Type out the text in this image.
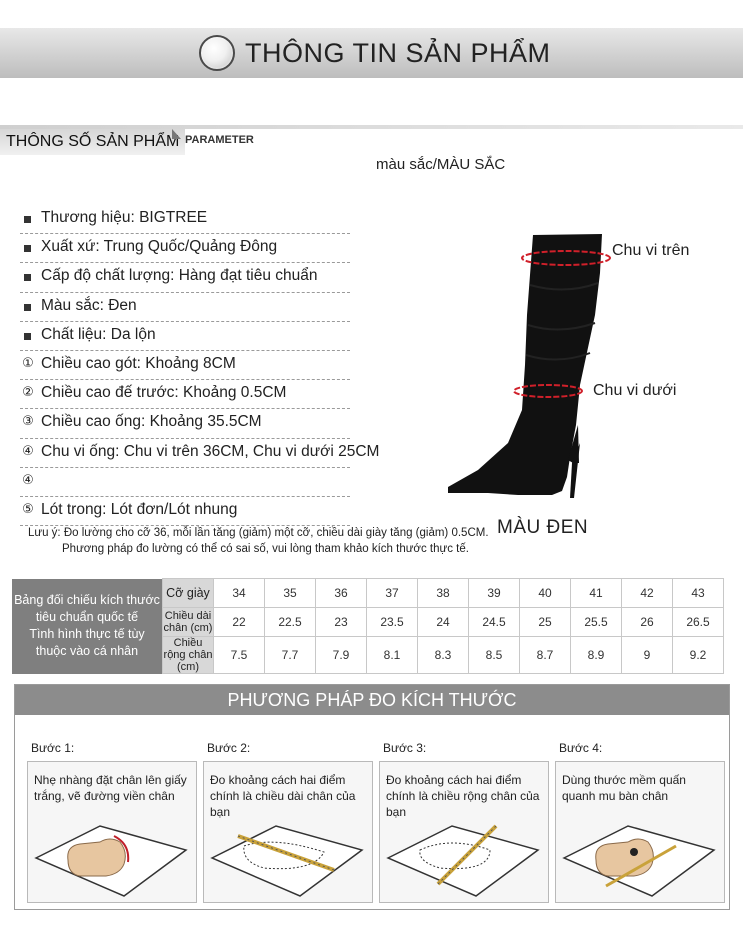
THÔNG TIN SẢN PHẨM
THÔNG SỐ SẢN PHẨM PARAMETER
màu sắc/MÀU SẮC
Thương hiệu: BIGTREE
Xuất xứ: Trung Quốc/Quảng Đông
Cấp độ chất lượng: Hàng đạt tiêu chuẩn
Màu sắc: Đen
Chất liệu: Da lộn
① Chiều cao gót: Khoảng 8CM
② Chiều cao đế trước: Khoảng 0.5CM
③ Chiều cao ống: Khoảng 35.5CM
④ Chu vi ống: Chu vi trên 36CM, Chu vi dưới 25CM
④
⑤ Lót trong: Lót đơn/Lót nhung
Chu vi trên
Chu vi dưới
MÀU ĐEN
Lưu ý: Đo lường cho cỡ 36, mỗi lần tăng (giảm) một cỡ, chiều dài giày tăng (giảm) 0.5CM.
Phương pháp đo lường có thể có sai số, vui lòng tham khảo kích thước thực tế.
Bảng đối chiếu kích thước
tiêu chuẩn quốc tế
Tình hình thực tế tùy
thuộc vào cá nhân	Cỡ giày	34	35	36	37	38	39	40	41	42	43
	Chiều dài chân (cm)	22	22.5	23	23.5	24	24.5	25	25.5	26	26.5
	Chiều rộng chân (cm)	7.5	7.7	7.9	8.1	8.3	8.5	8.7	8.9	9	9.2
PHƯƠNG PHÁP ĐO KÍCH THƯỚC
Bước 1:
Nhẹ nhàng đặt chân lên giấy trắng, vẽ đường viền chân
Bước 2:
Đo khoảng cách hai điểm chính là chiều dài chân của bạn
Bước 3:
Đo khoảng cách hai điểm chính là chiều rộng chân của bạn
Bước 4:
Dùng thước mềm quấn quanh mu bàn chân
